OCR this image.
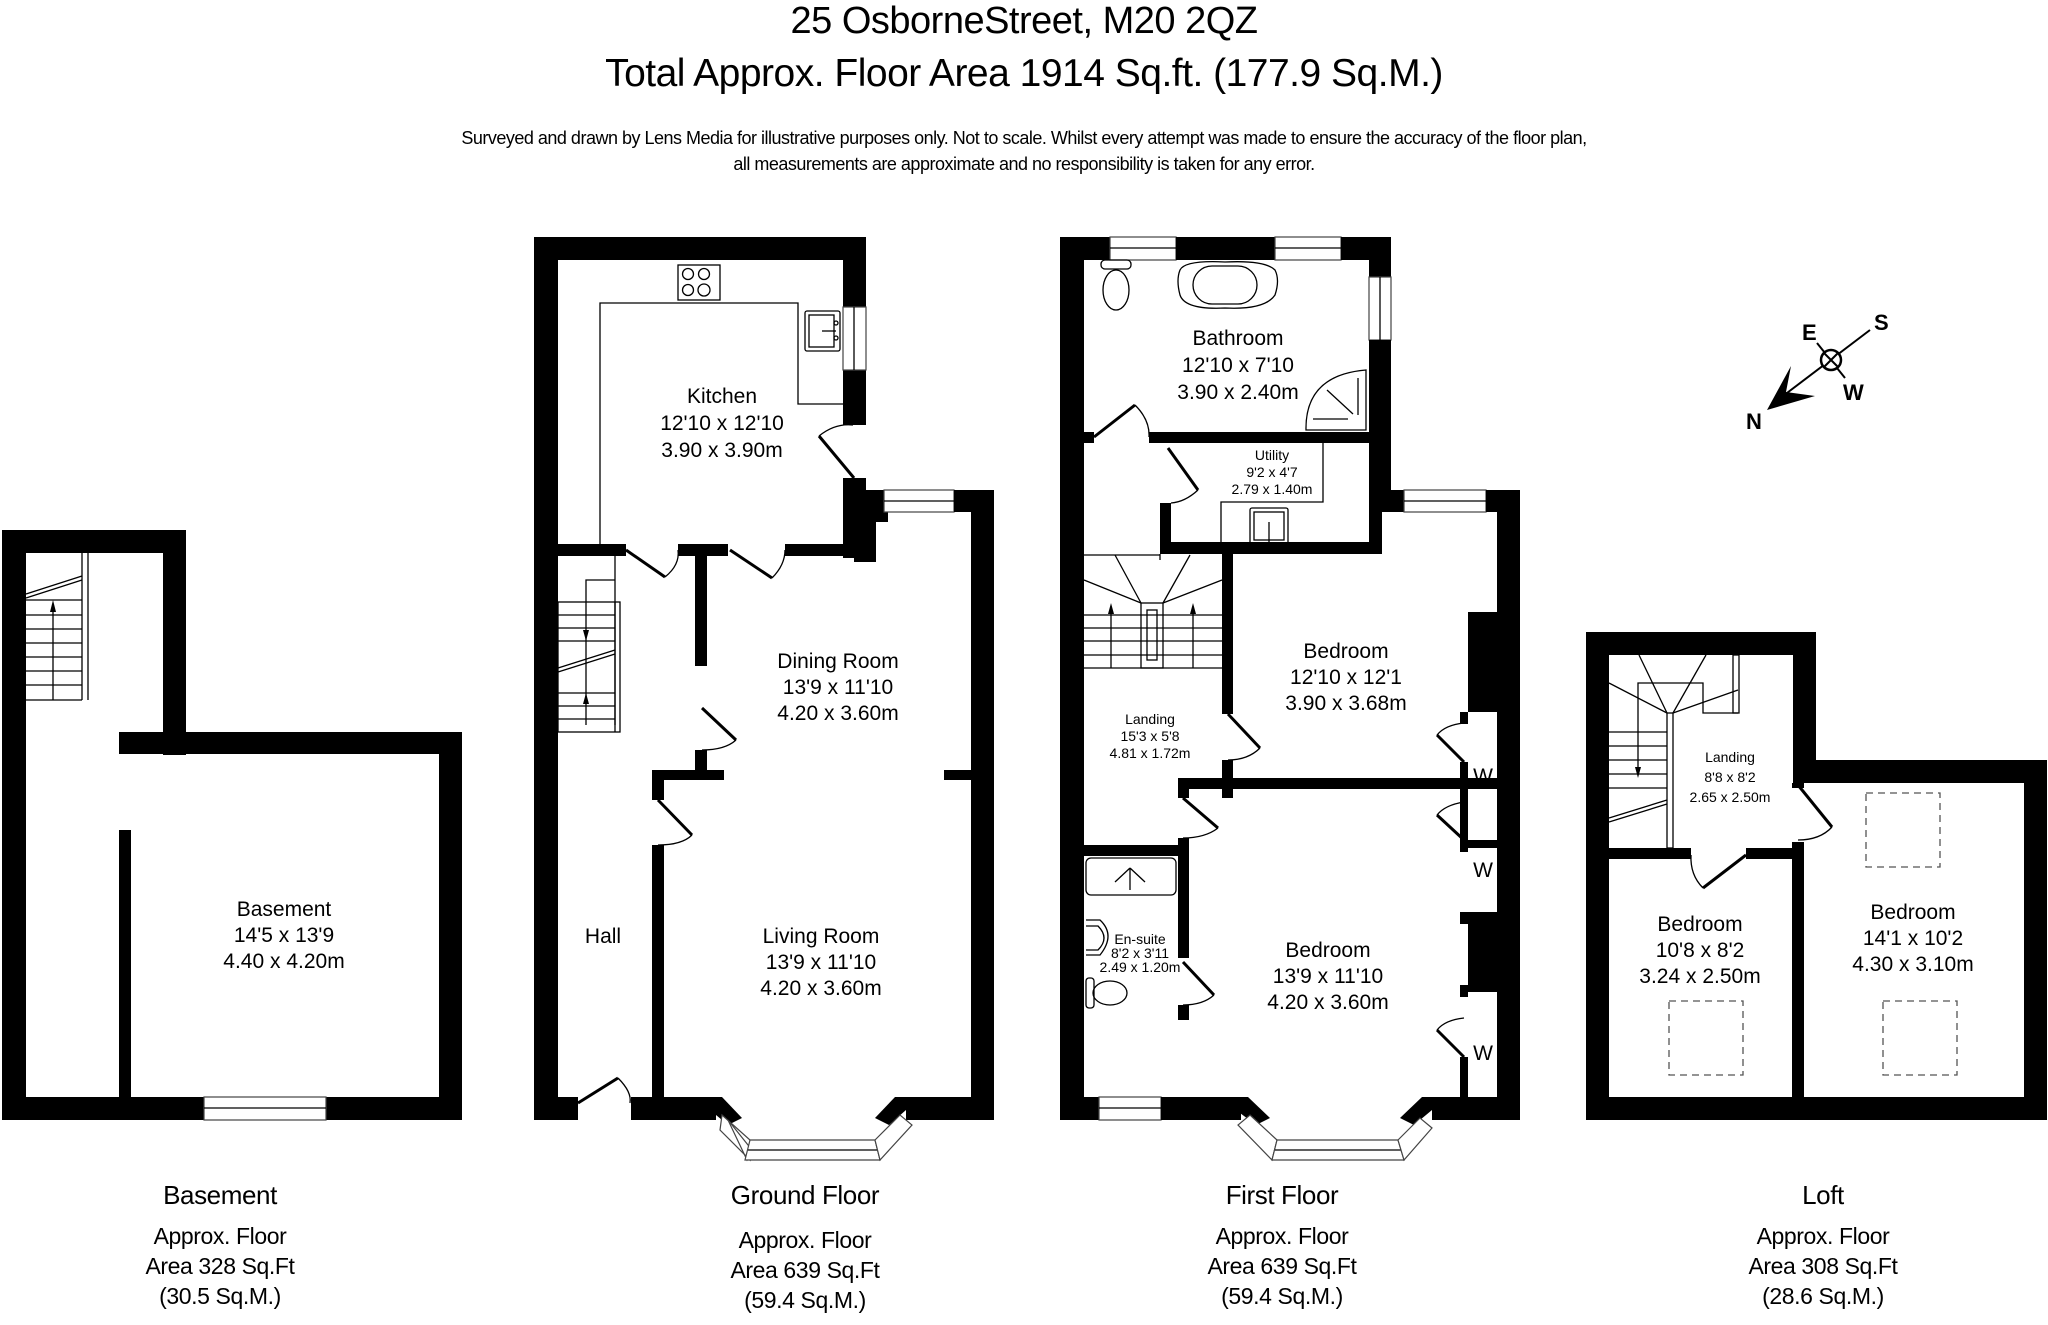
25 OsborneStreet, M20 2QZ
Total Approx. Floor Area 1914 Sq.ft. (177.9 Sq.M.)
Surveyed and drawn by Lens Media for illustrative purposes only. Not to scale. Whilst every attempt was made to ensure the accuracy of the floor plan,
all measurements are approximate and no responsibility is taken for any error.
Basement
14'5 x 13'9
4.40 x 4.20m
Kitchen
12'10 x 12'10
3.90 x 3.90m
Dining Room
13'9 x 11'10
4.20 x 3.60m
Living Room
13'9 x 11'10
4.20 x 3.60m
Hall
Bathroom
12'10 x 7'10
3.90 x 2.40m
Utility
9'2 x 4'7
2.79 x 1.40m
Bedroom
12'10 x 12'1
3.90 x 3.68m
Landing
15'3 x 5'8
4.81 x 1.72m
Bedroom
13'9 x 11'10
4.20 x 3.60m
En-suite
8'2 x 3'11
2.49 x 1.20m
W
W
W
Landing
8'8 x 8'2
2.65 x 2.50m
Bedroom
10'8 x 8'2
3.24 x 2.50m
Bedroom
14'1 x 10'2
4.30 x 3.10m
E	S
W
N
Basement
Approx. Floor
Area 328 Sq.Ft
(30.5 Sq.M.)
Ground Floor
Approx. Floor
Area 639 Sq.Ft
(59.4 Sq.M.)
First Floor
Approx. Floor
Area 639 Sq.Ft
(59.4 Sq.M.)
Loft
Approx. Floor
Area 308 Sq.Ft
(28.6 Sq.M.)
